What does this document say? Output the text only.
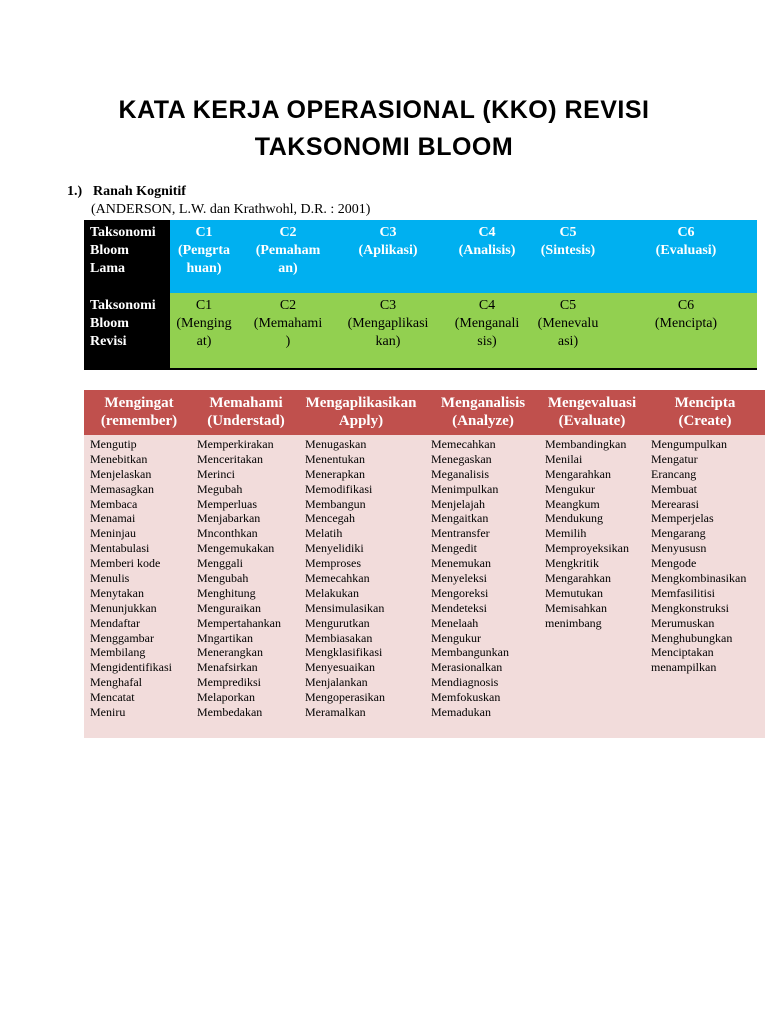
KATA KERJA OPERASIONAL (KKO) REVISI
TAKSONOMI BLOOM
1.) Ranah Kognitif
(ANDERSON, L.W. dan Krathwohl, D.R. : 2001)
Taksonomi
Bloom
Lama
C1
(Pengrta
huan)
C2
(Pemaham
an)
C3
(Aplikasi)
C4
(Analisis)
C5
(Sintesis)
C6
(Evaluasi)
Taksonomi
Bloom
Revisi
C1
(Menging
at)
C2
(Memahami
)
C3
(Mengaplikasi
kan)
C4
(Menganali
sis)
C5
(Menevalu
asi)
C6
(Mencipta)
Mengingat
(remember)
Memahami
(Understad)
Mengaplikasikan
Apply)
Menganalisis
(Analyze)
Mengevaluasi
(Evaluate)
Mencipta
(Create)
Mengutip
Menebitkan
Menjelaskan
Memasagkan
Membaca
Menamai
Meninjau
Mentabulasi
Memberi kode
Menulis
Menytakan
Menunjukkan
Mendaftar
Menggambar
Membilang
Mengidentifikasi
Menghafal
Mencatat
Meniru
Memperkirakan
Menceritakan
Merinci
Megubah
Memperluas
Menjabarkan
Mnconthkan
Mengemukakan
Menggali
Mengubah
Menghitung
Menguraikan
Mempertahankan
Mngartikan
Menerangkan
Menafsirkan
Memprediksi
Melaporkan
Membedakan
Menugaskan
Menentukan
Menerapkan
Memodifikasi
Membangun
Mencegah
Melatih
Menyelidiki
Memproses
Memecahkan
Melakukan
Mensimulasikan
Mengurutkan
Membiasakan
Mengklasifikasi
Menyesuaikan
Menjalankan
Mengoperasikan
Meramalkan
Memecahkan
Menegaskan
Meganalisis
Menimpulkan
Menjelajah
Mengaitkan
Mentransfer
Mengedit
Menemukan
Menyeleksi
Mengoreksi
Mendeteksi
Menelaah
Mengukur
Membangunkan
Merasionalkan
Mendiagnosis
Memfokuskan
Memadukan
Membandingkan
Menilai
Mengarahkan
Mengukur
Meangkum
Mendukung
Memilih
Memproyeksikan
Mengkritik
Mengarahkan
Memutukan
Memisahkan
menimbang
Mengumpulkan
Mengatur
Erancang
Membuat
Merearasi
Memperjelas
Mengarang
Menyususn
Mengode
Mengkombinasikan
Memfasilitisi
Mengkonstruksi
Merumuskan
Menghubungkan
Menciptakan
menampilkan
